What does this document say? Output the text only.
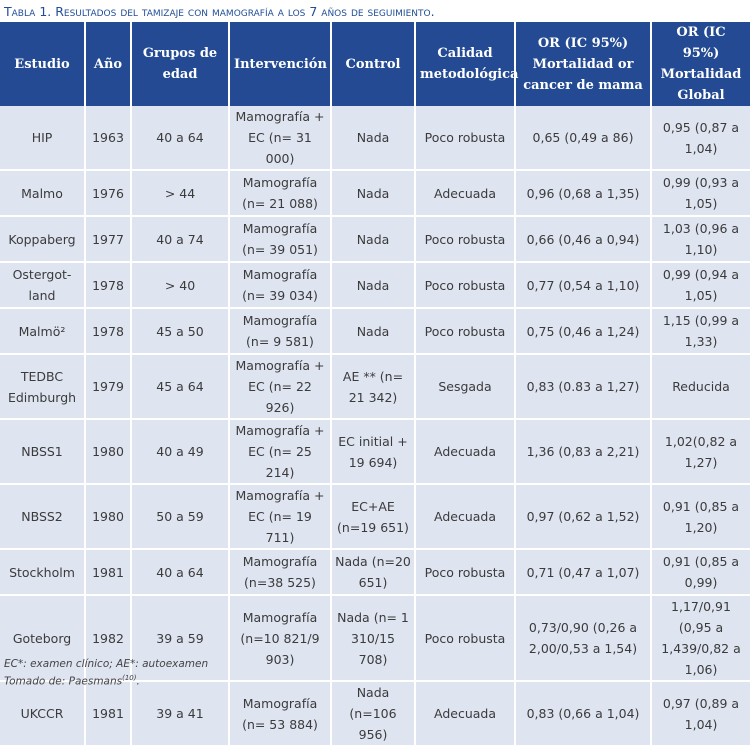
Tabla 1. Resultados del tamizaje con mamografía a los 7 años de seguimiento.
Estudio	Año	Grupos de edad	Intervención	Control	Calidad metodológica	OR (IC 95%) Mortalidad or cancer de mama	OR (IC 95%) Mortalidad Global
HIP	1963	40 a 64	Mamografía + EC (n= 31 000)	Nada	Poco robusta	0,65 (0,49 a 86)	0,95 (0,87 a 1,04)
Malmo	1976	> 44	Mamografía (n= 21 088)	Nada	Adecuada	0,96 (0,68 a 1,35)	0,99 (0,93 a 1,05)
Koppaberg	1977	40 a 74	Mamografía (n= 39 051)	Nada	Poco robusta	0,66 (0,46 a 0,94)	1,03 (0,96 a 1,10)
Ostergot-land	1978	> 40	Mamografía (n= 39 034)	Nada	Poco robusta	0,77 (0,54 a 1,10)	0,99 (0,94 a 1,05)
Malmö²	1978	45 a 50	Mamografía (n= 9 581)	Nada	Poco robusta	0,75 (0,46 a 1,24)	1,15 (0,99 a 1,33)
TEDBC Edimburgh	1979	45 a 64	Mamografía + EC (n= 22 926)	AE ** (n= 21 342)	Sesgada	0,83 (0.83 a 1,27)	Reducida
NBSS1	1980	40 a 49	Mamografía + EC (n= 25 214)	EC initial + 19 694)	Adecuada	1,36 (0,83 a 2,21)	1,02(0,82 a 1,27)
NBSS2	1980	50 a 59	Mamografía + EC (n= 19 711)	EC+AE (n=19 651)	Adecuada	0,97 (0,62 a 1,52)	0,91 (0,85 a 1,20)
Stockholm	1981	40 a 64	Mamografía (n=38 525)	Nada (n=20 651)	Poco robusta	0,71 (0,47 a 1,07)	0,91 (0,85 a 0,99)
Goteborg	1982	39 a 59	Mamografía (n=10 821/9 903)	Nada (n= 1 310/15 708)	Poco robusta	0,73/0,90 (0,26 a 2,00/0,53 a 1,54)	1,17/0,91 (0,95 a 1,439/0,82 a 1,06)
UKCCR	1981	39 a 41	Mamografía (n= 53 884)	Nada (n=106 956)	Adecuada	0,83 (0,66 a 1,04)	0,97 (0,89 a 1,04)
EC*: examen clínico; AE*: autoexamen
Tomado de: Paesmans$^{(10)}$.
